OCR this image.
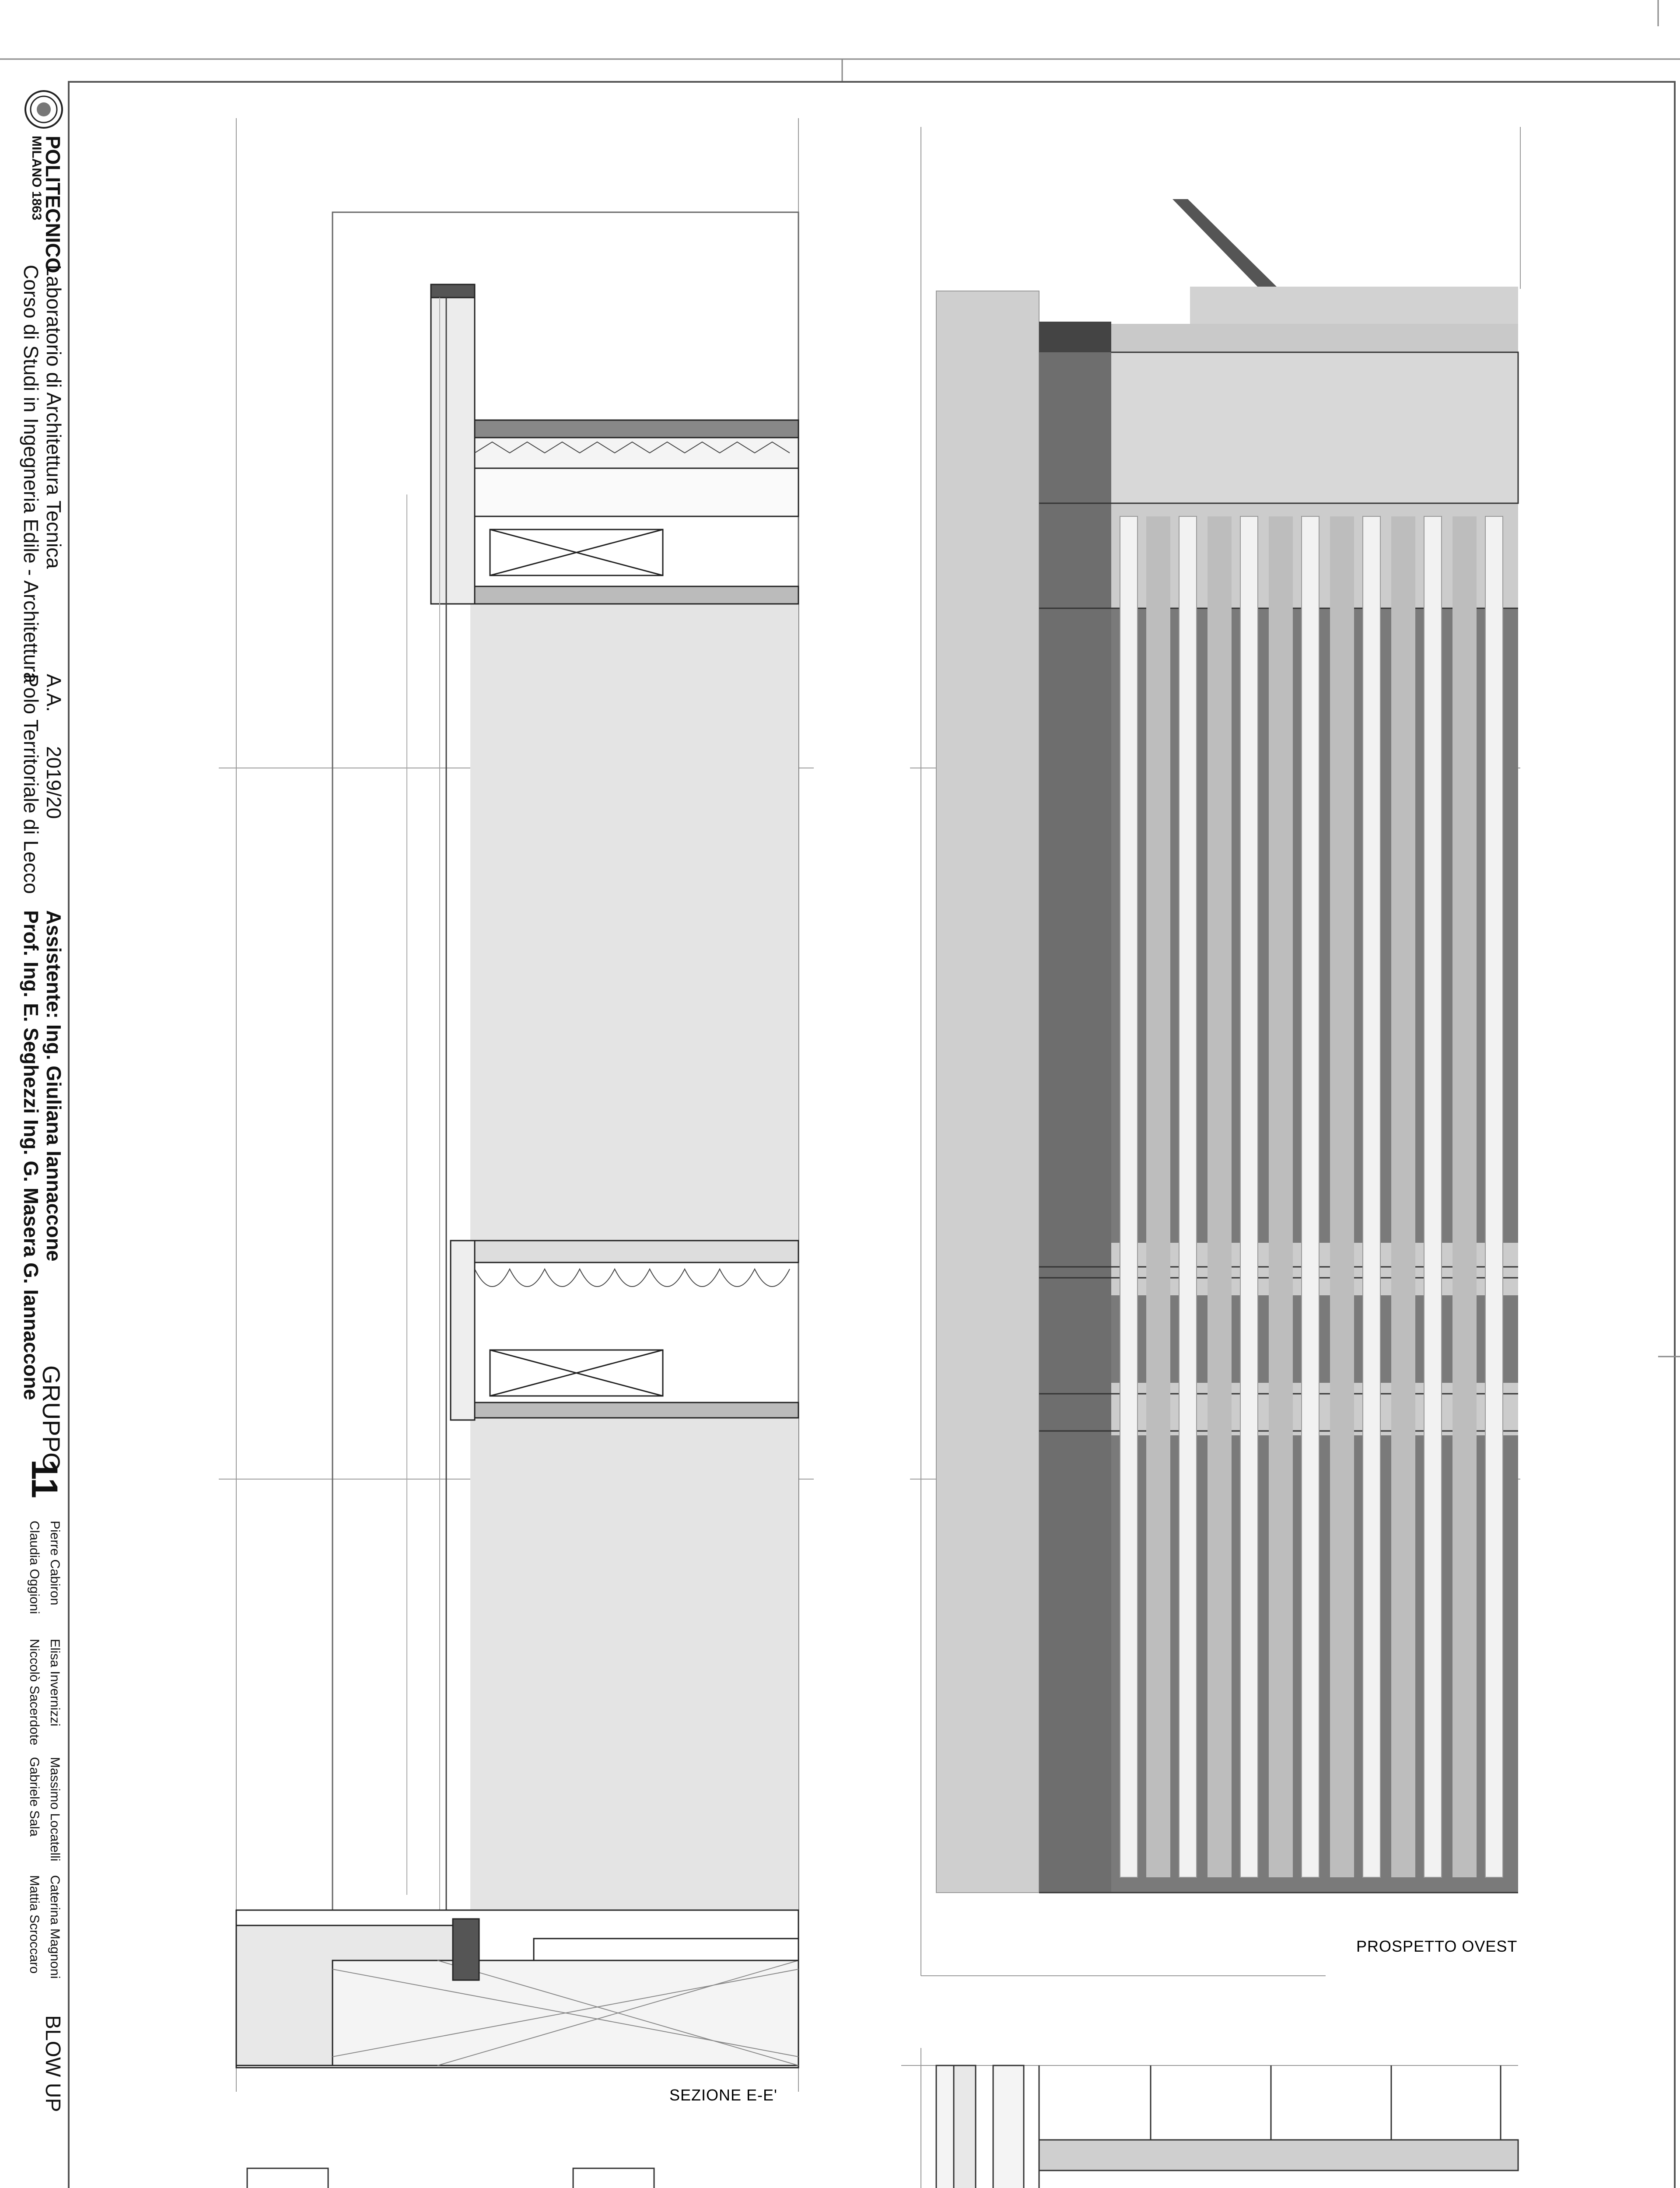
POLITECNICO
MILANO 1863
Laboratorio di Architettura Tecnica
Corso di Studi in Ingegneria Edile - Architettura
A.A.
2019/20
Polo Territoriale di Lecco
Assistente: Ing. Giuliana Iannaccone
Prof. Ing. E. Seghezzi Ing. G. Masera G. Iannaccone
GRUPPO
11
Pierre Cabiron
Claudia Oggioni
Elisa Invernizzi
Niccolò Sacerdote
Massimo Locatelli
Gabriele Sala
Caterina Magnoni
Mattia Scroccaro
BLOW UP	SEZIONE E-E'
PROSPETTO OVEST
